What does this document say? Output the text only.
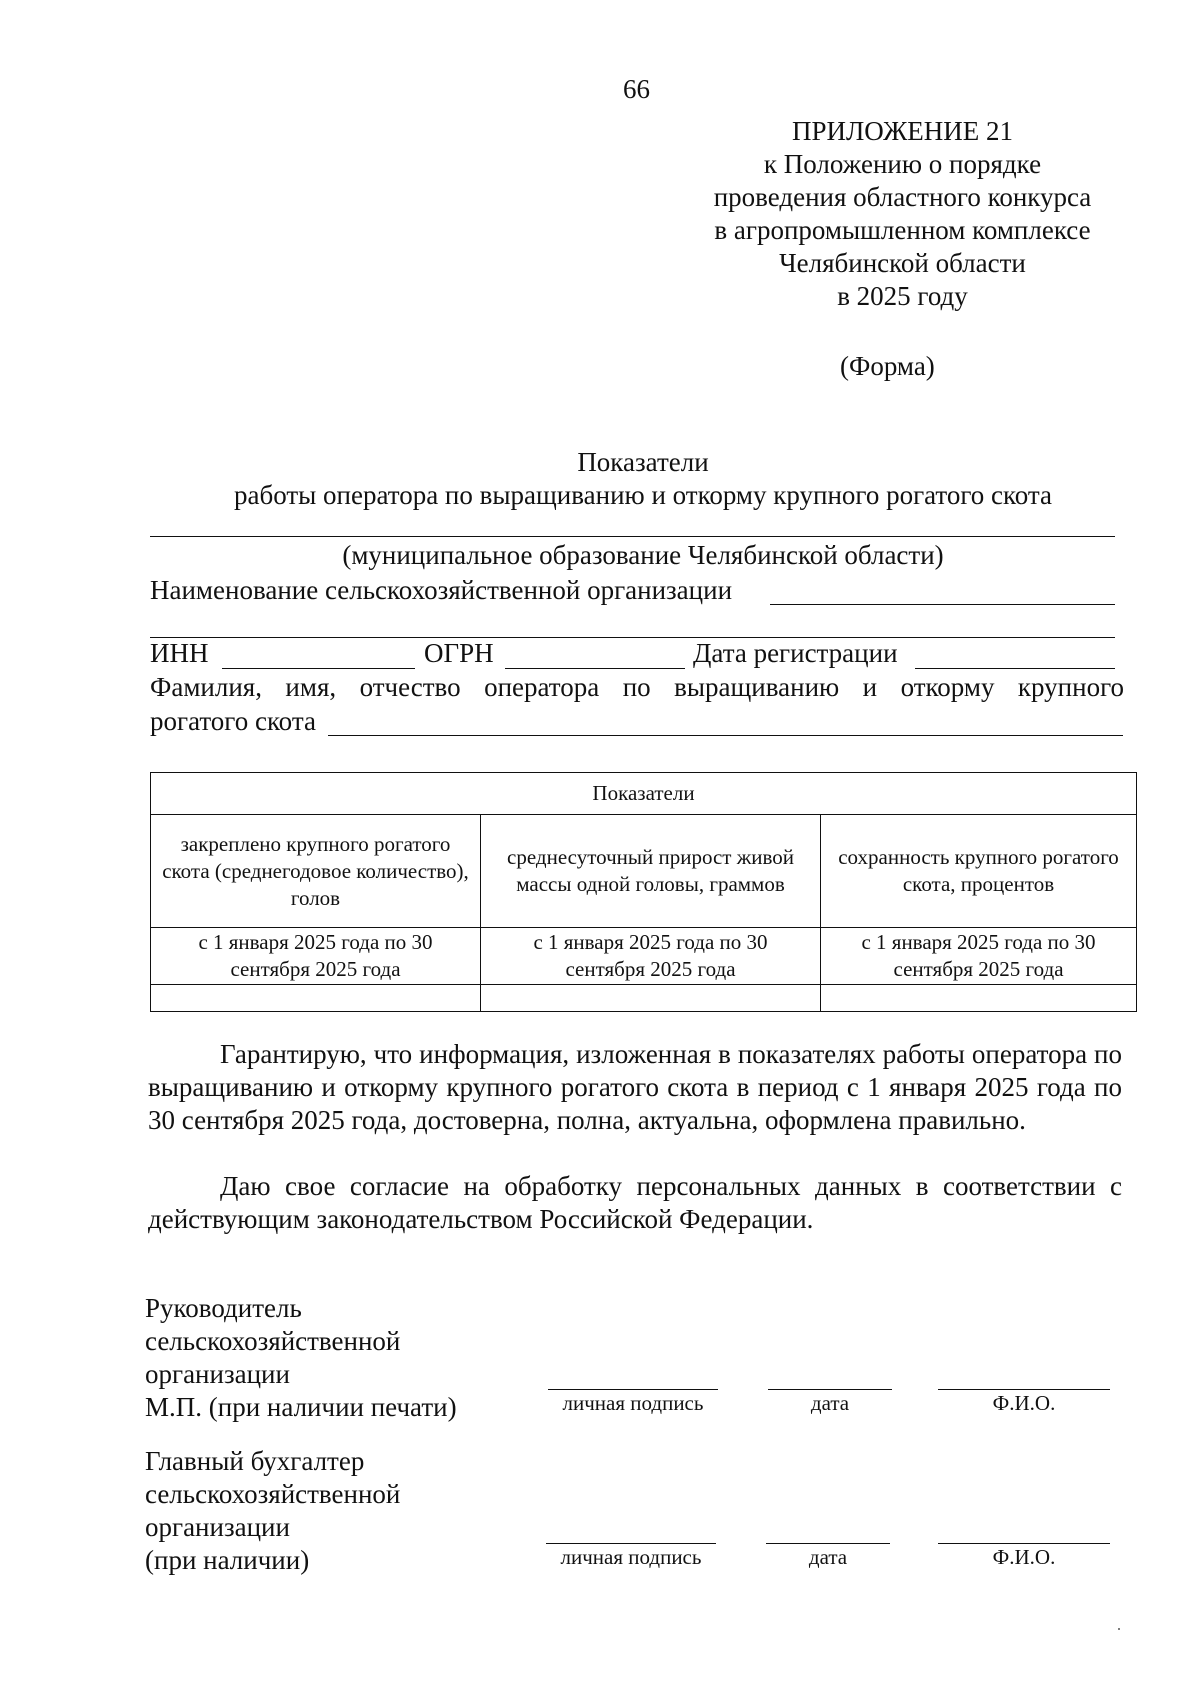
66
ПРИЛОЖЕНИЕ 21
к Положению о порядке
проведения областного конкурса
в агропромышленном комплексе
Челябинской области
в 2025 году
(Форма)
Показатели
работы оператора по выращиванию и откорму крупного рогатого скота
(муниципальное образование Челябинской области)
Наименование сельскохозяйственной организации
ИНН	ОГРН	Дата регистрации
Фамилия, имя, отчество оператора по выращиванию и откорму крупного
рогатого скота
Показатели		
закреплено крупного рогатого скота (среднегодовое количество), голов	среднесуточный прирост живой массы одной головы, граммов	сохранность крупного рогатого скота, процентов
с 1 января 2025 года по 30 сентября 2025 года	с 1 января 2025 года по 30 сентября 2025 года	с 1 января 2025 года по 30 сентября 2025 года

Гарантирую, что информация, изложенная в показателях работы оператора по выращиванию и откорму крупного рогатого скота в период с 1 января 2025 года по 30 сентября 2025 года, достоверна, полна, актуальна, оформлена правильно.
Даю свое согласие на обработку персональных данных в соответствии с действующим законодательством Российской Федерации.
Руководитель
сельскохозяйственной
организации
М.П. (при наличии печати)	личная подпись	дата	Ф.И.О.
Главный бухгалтер
сельскохозяйственной
организации
(при наличии)	личная подпись	дата	Ф.И.О.
